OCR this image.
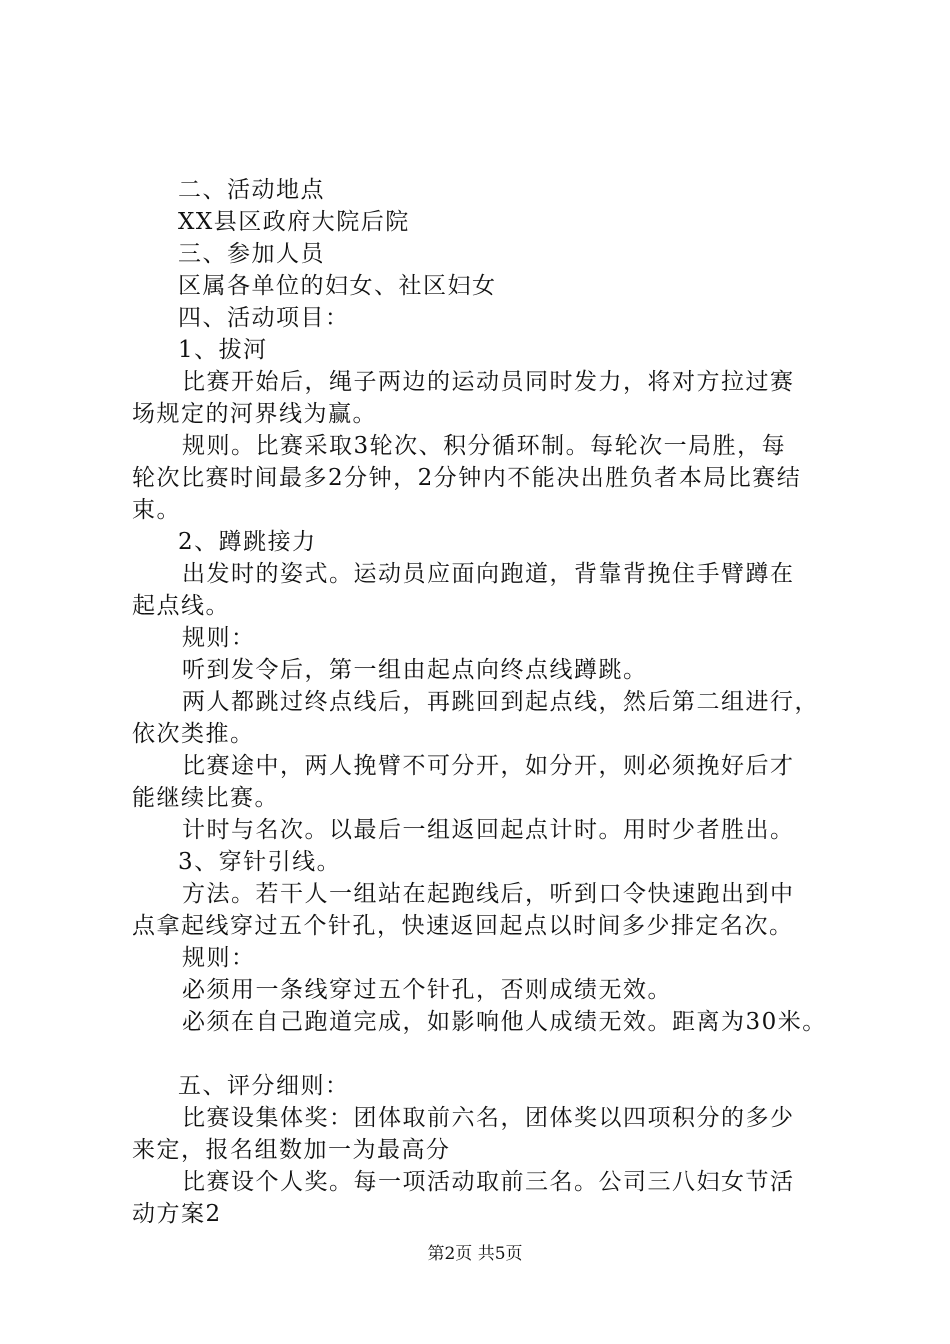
二、活动地点
XX县区政府大院后院
三、参加人员
区属各单位的妇女、社区妇女
四、活动项目：
1、拔河
比赛开始后，绳子两边的运动员同时发力，将对方拉过赛
场规定的河界线为赢。
规则。比赛采取3轮次、积分循环制。每轮次一局胜，每
轮次比赛时间最多2分钟，2分钟内不能决出胜负者本局比赛结
束。
2、蹲跳接力
出发时的姿式。运动员应面向跑道，背靠背挽住手臂蹲在
起点线。
规则：
听到发令后，第一组由起点向终点线蹲跳。
两人都跳过终点线后，再跳回到起点线，然后第二组进行，
依次类推。
比赛途中，两人挽臂不可分开，如分开，则必须挽好后才
能继续比赛。
计时与名次。以最后一组返回起点计时。用时少者胜出。
3、穿针引线。
方法。若干人一组站在起跑线后，听到口令快速跑出到中
点拿起线穿过五个针孔，快速返回起点以时间多少排定名次。
规则：
必须用一条线穿过五个针孔，否则成绩无效。
必须在自己跑道完成，如影响他人成绩无效。距离为30米。
五、评分细则：
比赛设集体奖：团体取前六名，团体奖以四项积分的多少
来定，报名组数加一为最高分
比赛设个人奖。每一项活动取前三名。公司三八妇女节活
动方案2
第2页 共5页
